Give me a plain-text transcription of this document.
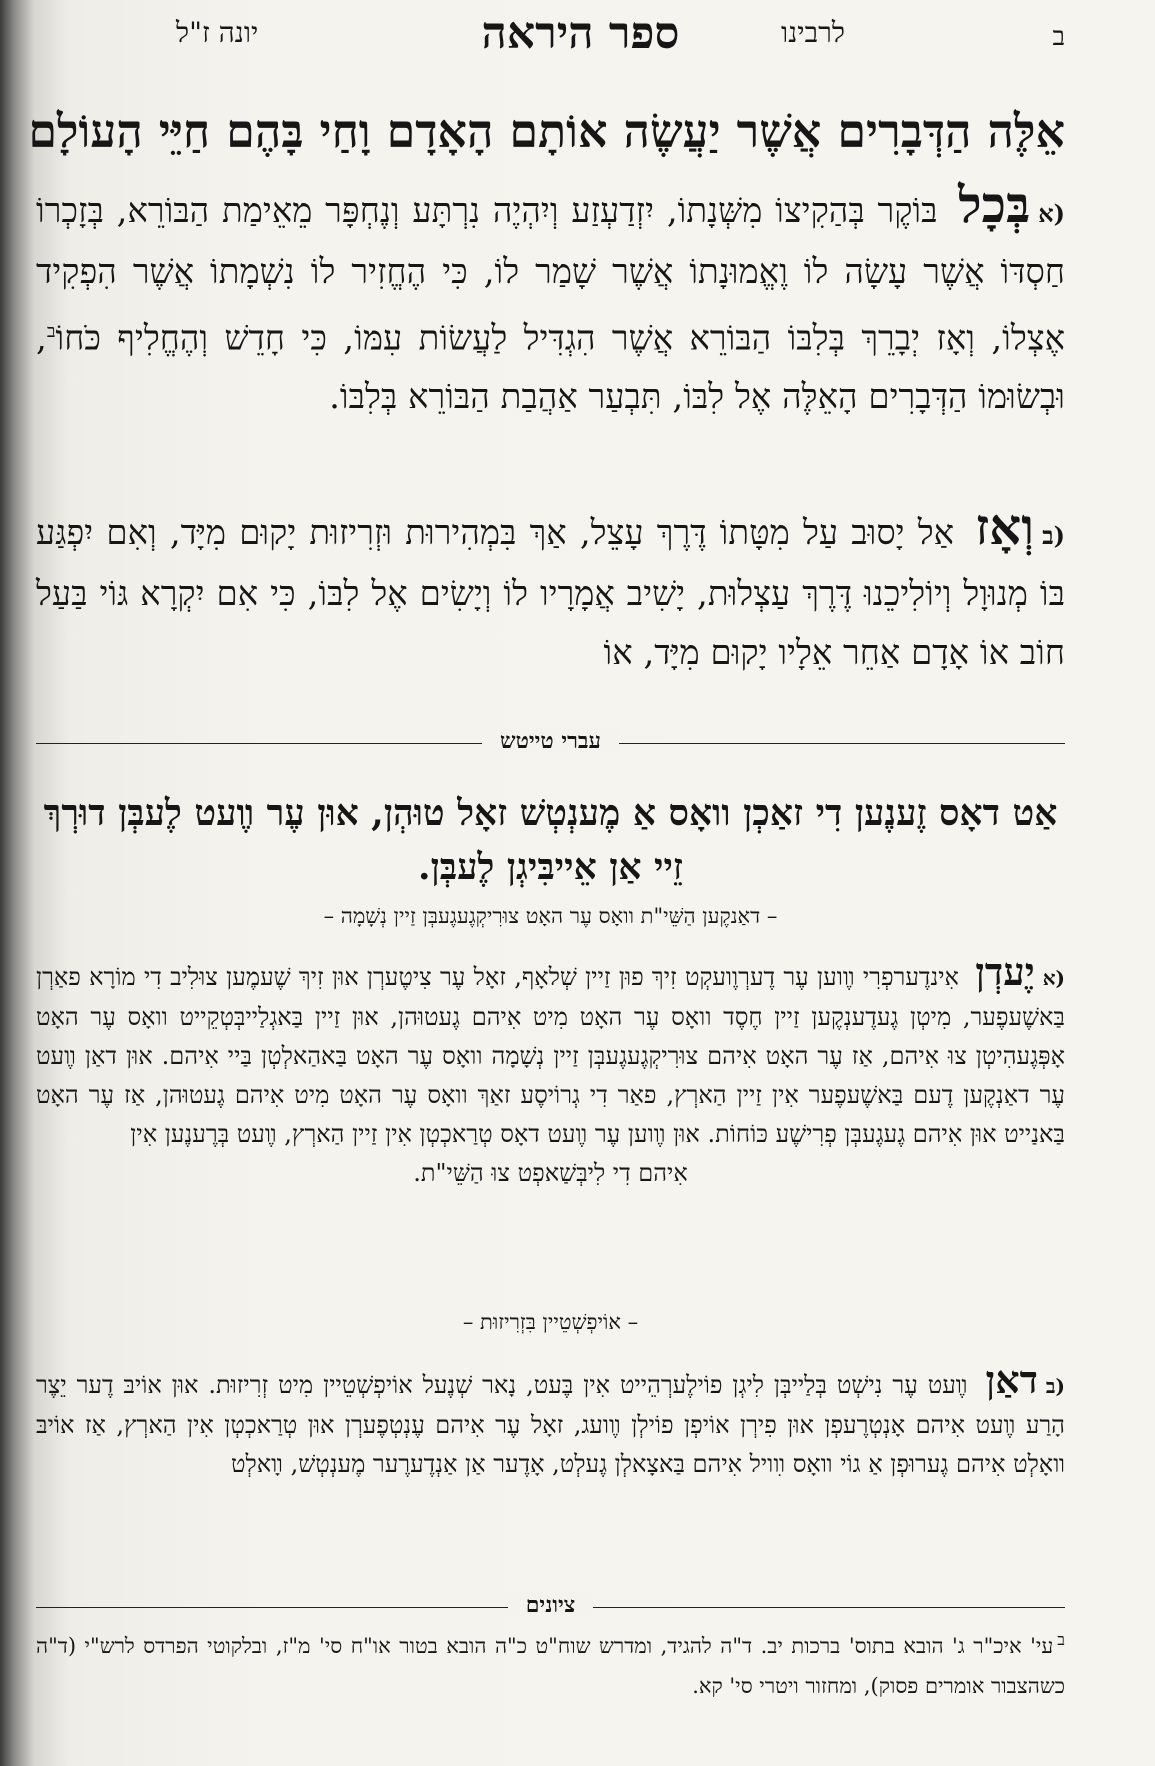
ב
לרבינו
ספר היראה
יונה ז"ל
אֵלֶּה הַדְּבָרִים אֲשֶׁר יַעֲשֶׂה אוֹתָם הָאָדָם וָחַי בָּהֶם חַיֵּי הָעוֹלָם
(אבְּכָל בּוֹקֶר בְּהַקִיצוֹ מִשְּׁנָתוֹ, יִזְדַעְזַע וְיִהְיֶה נִרְתָּע וְנֶחְפָּר מֵאֵימַת הַבּוֹרֵא, בְּזָכְרוֹ חַסְדּוֹ אֲשֶׁר עָשָׂה לוֹ וֶאֱמוּנָתוֹ אֲשֶׁר שָׁמַר לוֹ, כִּי הֶחֱזִיר לוֹ נִשְׁמָתוֹ אֲשֶׁר הִפְקִיד אֶצְלוֹ, וְאָז יְבָרֵךְ בְּלִבּוֹ הַבּוֹרֵא אֲשֶׁר הִגְדִּיל לַעֲשׂוֹת עִמּוֹ, כִּי חָדֵשׁ וְהֶחֱלִיף כֹּחוֹ$^ב$, וּבְשׂוּמוֹ הַדְּבָרִים הָאֵלֶּה אֶל לִבּוֹ, תִּבְעַר אַהֲבַת הַבּוֹרֵא בְּלִבּוֹ.
(בוְאָז אַל יָסוּב עַל מִטָּתוֹ דֶּרֶךְ עָצֵל, אַךְ בִּמְהִירוּת וּזְרִיזוּת יָקוּם מִיָּד, וְאִם יִפְגַּע בּוֹ מְנוּוָל וְיוֹלִיכֵנוּ דֶּרֶךְ עַצְלוּת, יָשִׁיב אֲמָרָיו לוֹ וְיָשִׂים אֶל לִבּוֹ, כִּי אִם יִקְרָא גּוֹי בַּעַל חוֹב אוֹ אָדָם אַחֵר אֵלָיו יָקוּם מִיָּד, אוֹ
עברי טייטש
אַט דאָס זֶענֶען דִי זאַכְן וואָס אַ מֶענְטְשׁ זאָל טוּהְן, אוּן עֶר װֶעט לֶעבְּן דוּרְךְ זֵיי אַן אֵייבִּיגְן לֶעבְּן.
– דאַנקֶען הַשֵּׁי"ת וואָס עֶר האָט צוּרִיקְגֶעגֶעבְּן זַיין נְשָׁמָה –
(איֶעדְן אִינדֶערפְרִי װֶוען עֶר דֶערְוֶועקְט זִיךְ פוּן זַיין שְׁלאָף, זאָל עֶר צִיטֶערְן אוּן זִיךְ שֶׁעמֶען צוּלִיב דִי מוֹרָא פאַרְן בַּאשֶׁעפֶער, מִיטְן גֶעדֶענְקֶען זַיין חֶסֶד וואָס עֶר האָט מִיט אִיהם גֶעטוּהן, אוּן זַיין בַּאגְלַייבְּטְקֵייט וואָס עֶר האָט אָפְּגֶעהִיטְן צוּ אִיהם, אַז עֶר האָט אִיהם צוּרִיקְגֶעגֶעבְּן זַיין נְשָׁמָה וואָס עֶר האָט בַּאהַאלְטְן בַּיי אִיהם. אוּן דאַן װֶעט עֶר דאַנְקֶען דֶעם בַּאשֶׁעפֶער אִין זַיין הַארְץ, פאַר דִי גְרוֹיסֶע זאַךְ וואָס עֶר האָט מִיט אִיהם גֶעטוּהן, אַז עֶר האָט בַּאנַייט אוּן אִיהם גֶעגֶעבְּן פְרִישֶׁע כּוֹחוֹת. אוּן װֶוען עֶר װֶעט דאָס טְרַאכְטְן אִין זַיין הַארְץ, װֶעט בְּרֶענֶען אִין
אִיהם דִי לִיבְּשַׁאפְט צוּ הַשֵּׁי"ת.
– אוֹיפְשְׁטֵיין בִּזְרִיזוּת –
(בדאַן װֶעט עֶר נִישְׁט בְּלַייבְּן לִיגְן פוֹילֶערְהֵייט אִין בֶּעט, נָאר שְׁנֶעל אוֹיפְשְׁטֵיין מִיט זְרִיזוּת. אוּן אוֹיבּ דֶער יֵצֶר הָרַע װֶעט אִיהם אָנְטְרֶעפְן אוּן פִירְן אוֹיפְן פוֹילְן װֶועג, זאָל עֶר אִיהם עֶנְטְפֶערְן אוּן טְרַאכְטְן אִין הַארְץ, אַז אוֹיבּ װאָלְט אִיהם גֶערוּפְן אַ גוֹי װאָס װִויל אִיהם בַּאצָאלְן גֶעלְט, אָדֶער אַן אַנְדֶערֶער מֶענְטְשׁ, װָאלְט
ציונים
$^ב$עי' איכ"ר ג' הובא בתוס' ברכות יב. ד"ה להגיד, ומדרש שוח"ט כ"ה הובא בטור או"ח סי' מ"ז, ובלקוטי הפרדס לרש"י (ד"ה כשהצבור אומרים פסוק), ומחזור ויטרי סי' קא.
